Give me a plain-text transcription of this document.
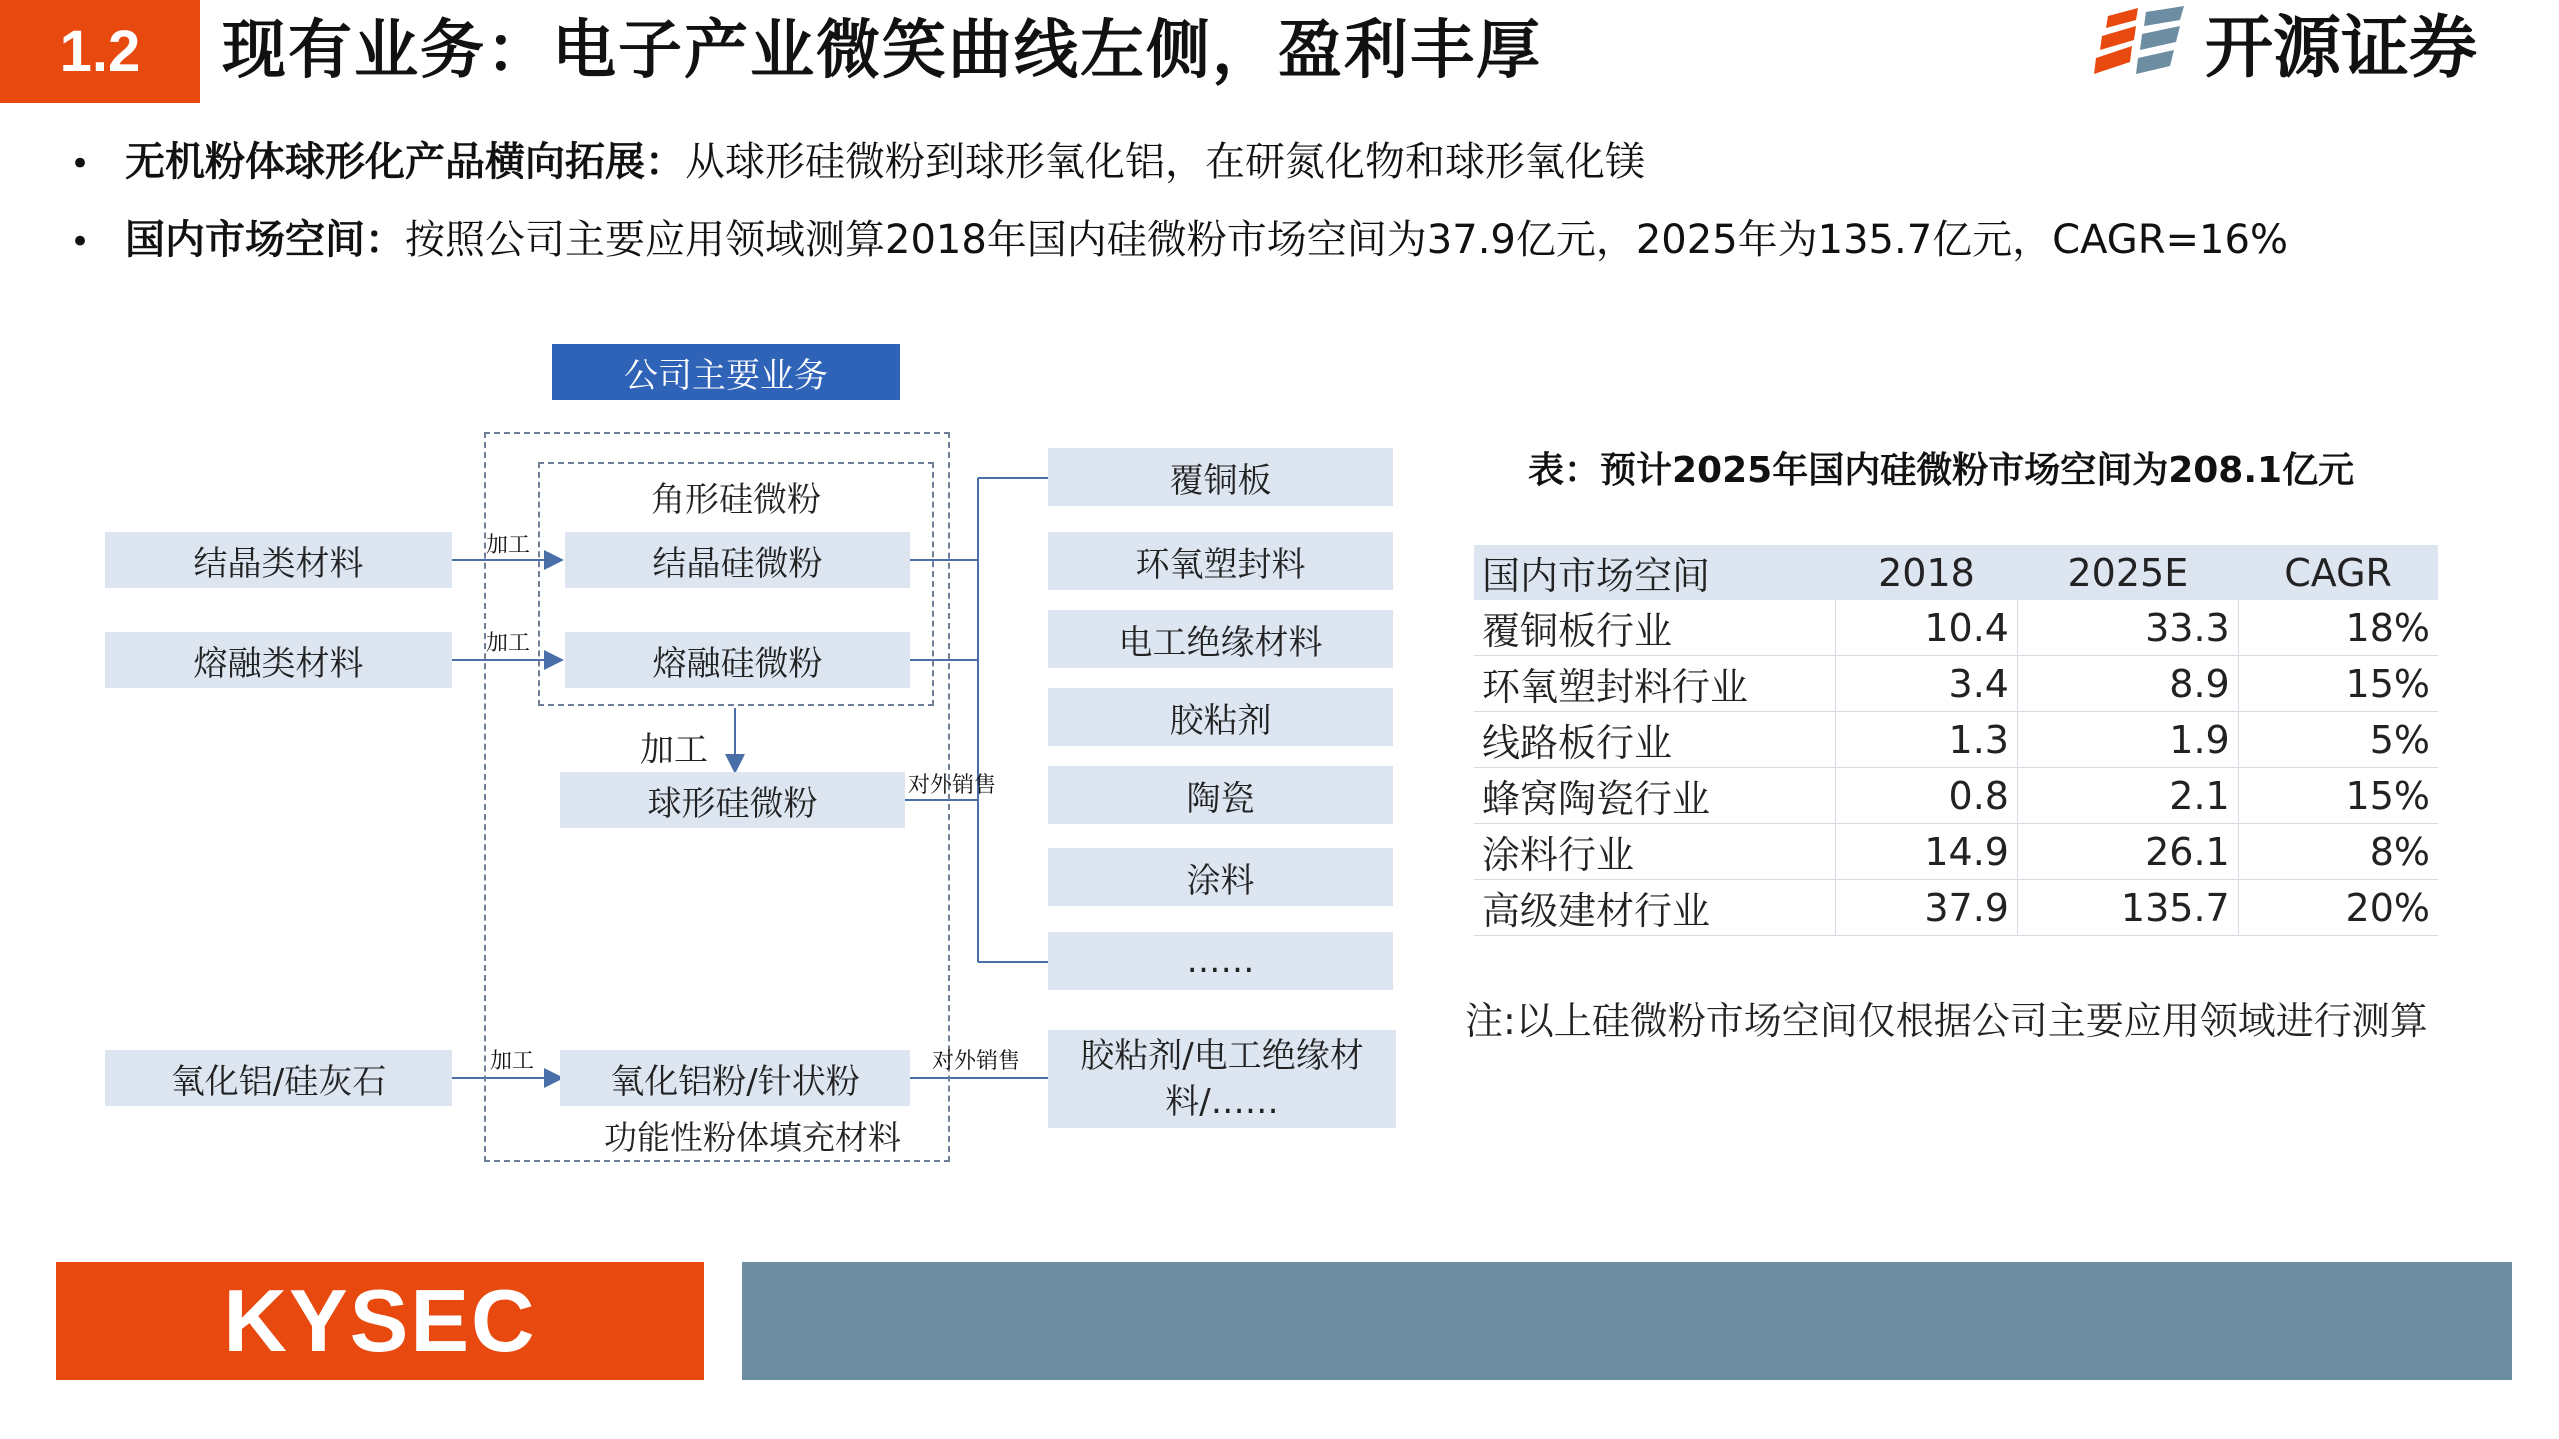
1.2	现有业务：电子产业微笑曲线左侧，盈利丰厚	开源证券
• 无机粉体球形化产品横向拓展：从球形硅微粉到球形氧化铝，在研氮化物和球形氧化镁
• 国内市场空间：按照公司主要应用领域测算2018年国内硅微粉市场空间为37.9亿元，2025年为135.7亿元，CAGR=16%
公司主要业务
角形硅微粉
结晶类材料
熔融类材料
氧化铝/硅灰石
加工
加工
加工
结晶硅微粉
熔融硅微粉
加工
球形硅微粉	对外销售
氧化铝粉/针状粉
功能性粉体填充材料
对外销售
覆铜板
环氧塑封料
电工绝缘材料
胶粘剂
陶瓷
涂料
……
胶粘剂/电工绝缘材料/……
表：预计2025年国内硅微粉市场空间为208.1亿元
国内市场空间	2018	2025E	CAGR
覆铜板行业	10.4	33.3	18%
环氧塑封料行业	3.4	8.9	15%
线路板行业	1.3	1.9	5%
蜂窝陶瓷行业	0.8	2.1	15%
涂料行业	14.9	26.1	8%
高级建材行业	37.9	135.7	20%
注:以上硅微粉市场空间仅根据公司主要应用领域进行测算
KYSEC
